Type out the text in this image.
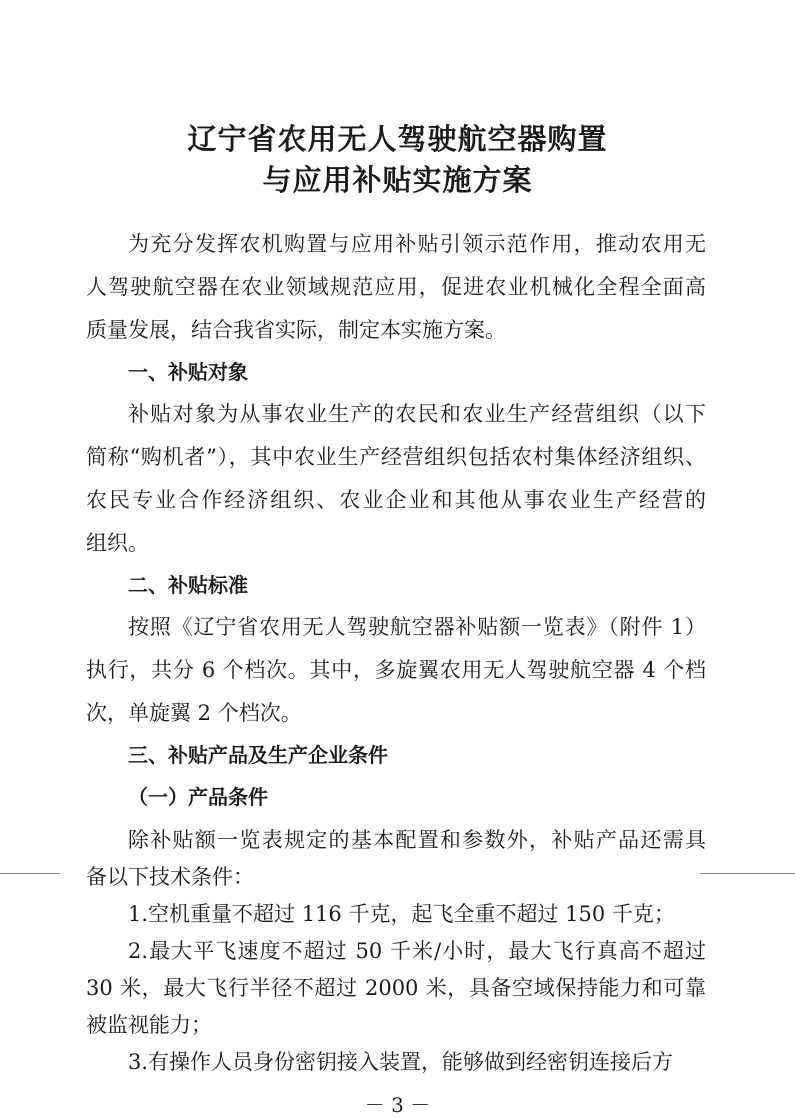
辽宁省农用无人驾驶航空器购置
与应用补贴实施方案
为充分发挥农机购置与应用补贴引领示范作用，推动农用无
人驾驶航空器在农业领域规范应用，促进农业机械化全程全面高
质量发展，结合我省实际，制定本实施方案。
一、补贴对象
补贴对象为从事农业生产的农民和农业生产经营组织（以下
简称“购机者”），其中农业生产经营组织包括农村集体经济组织、
农民专业合作经济组织、农业企业和其他从事农业生产经营的
组织。
二、补贴标准
按照《辽宁省农用无人驾驶航空器补贴额一览表》（附件 1）
执行，共分 6 个档次。其中，多旋翼农用无人驾驶航空器 4 个档
次，单旋翼 2 个档次。
三、补贴产品及生产企业条件
（一）产品条件
除补贴额一览表规定的基本配置和参数外，补贴产品还需具
备以下技术条件：
1.空机重量不超过 116 千克，起飞全重不超过 150 千克；
2.最大平飞速度不超过 50 千米/小时，最大飞行真高不超过
30 米，最大飞行半径不超过 2000 米，具备空域保持能力和可靠
被监视能力；
－ 3 －
3.有操作人员身份密钥接入装置，能够做到经密钥连接后方
